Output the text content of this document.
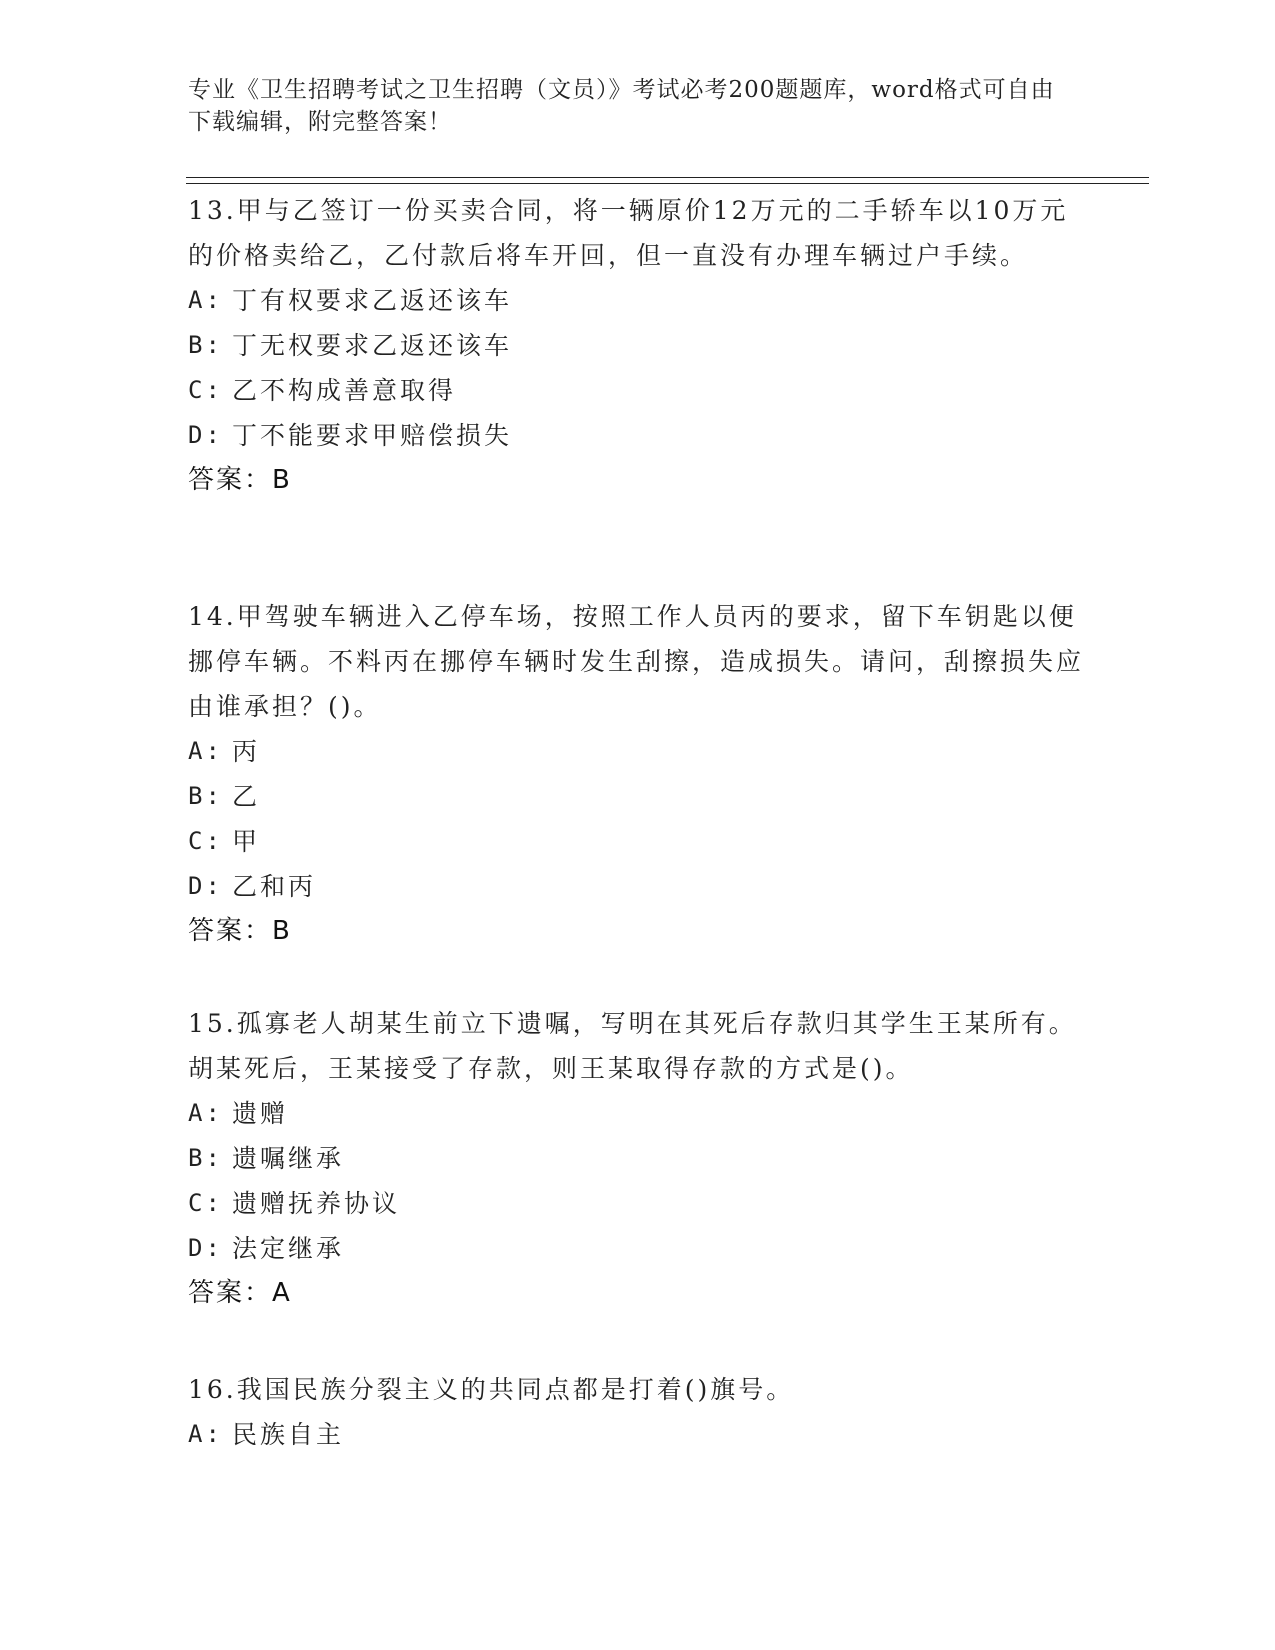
专业《卫生招聘考试之卫生招聘（文员）》考试必考200题题库，word格式可自由下载编辑，附完整答案！

13.甲与乙签订一份买卖合同，将一辆原价12万元的二手轿车以10万元的价格卖给乙，乙付款后将车开回，但一直没有办理车辆过户手续。

A: 丁有权要求乙返还该车
B: 丁无权要求乙返还该车
C: 乙不构成善意取得
D: 丁不能要求甲赔偿损失
答案：B

14.甲驾驶车辆进入乙停车场，按照工作人员丙的要求，留下车钥匙以便挪停车辆。不料丙在挪停车辆时发生刮擦，造成损失。请问，刮擦损失应由谁承担？()。

A: 丙
B: 乙
C: 甲
D: 乙和丙
答案：B

15.孤寡老人胡某生前立下遗嘱，写明在其死后存款归其学生王某所有。胡某死后，王某接受了存款，则王某取得存款的方式是()。

A: 遗赠
B: 遗嘱继承
C: 遗赠抚养协议
D: 法定继承
答案：A

16.我国民族分裂主义的共同点都是打着()旗号。

A: 民族自主
